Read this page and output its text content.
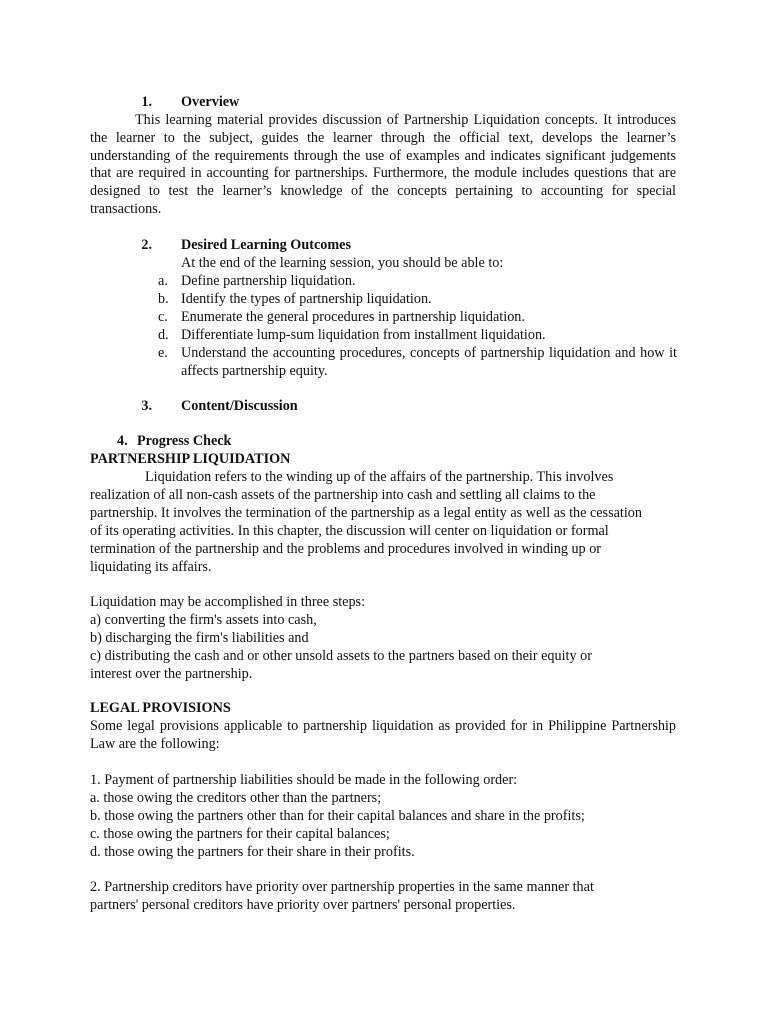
1. Overview
This learning material provides discussion of Partnership Liquidation concepts. It introduces the learner to the subject, guides the learner through the official text, develops the learner’s understanding of the requirements through the use of examples and indicates significant judgements that are required in accounting for partnerships. Furthermore, the module includes questions that are designed to test the learner’s knowledge of the concepts pertaining to accounting for special transactions.
2. Desired Learning Outcomes
At the end of the learning session, you should be able to:
a. Define partnership liquidation.
b. Identify the types of partnership liquidation.
c. Enumerate the general procedures in partnership liquidation.
d. Differentiate lump-sum liquidation from installment liquidation.
e. Understand the accounting procedures, concepts of partnership liquidation and how it affects partnership equity.
3. Content/Discussion
4. Progress Check
PARTNERSHIP LIQUIDATION
Liquidation refers to the winding up of the affairs of the partnership. This involves
realization of all non-cash assets of the partnership into cash and settling all claims to the
partnership. It involves the termination of the partnership as a legal entity as well as the cessation
of its operating activities. In this chapter, the discussion will center on liquidation or formal
termination of the partnership and the problems and procedures involved in winding up or
liquidating its affairs.
Liquidation may be accomplished in three steps:
a) converting the firm's assets into cash,
b) discharging the firm's liabilities and
c) distributing the cash and or other unsold assets to the partners based on their equity or
interest over the partnership.
LEGAL PROVISIONS
Some legal provisions applicable to partnership liquidation as provided for in Philippine Partnership Law are the following:
1. Payment of partnership liabilities should be made in the following order:
a. those owing the creditors other than the partners;
b. those owing the partners other than for their capital balances and share in the profits;
c. those owing the partners for their capital balances;
d. those owing the partners for their share in their profits.
2. Partnership creditors have priority over partnership properties in the same manner that
partners' personal creditors have priority over partners' personal properties.
